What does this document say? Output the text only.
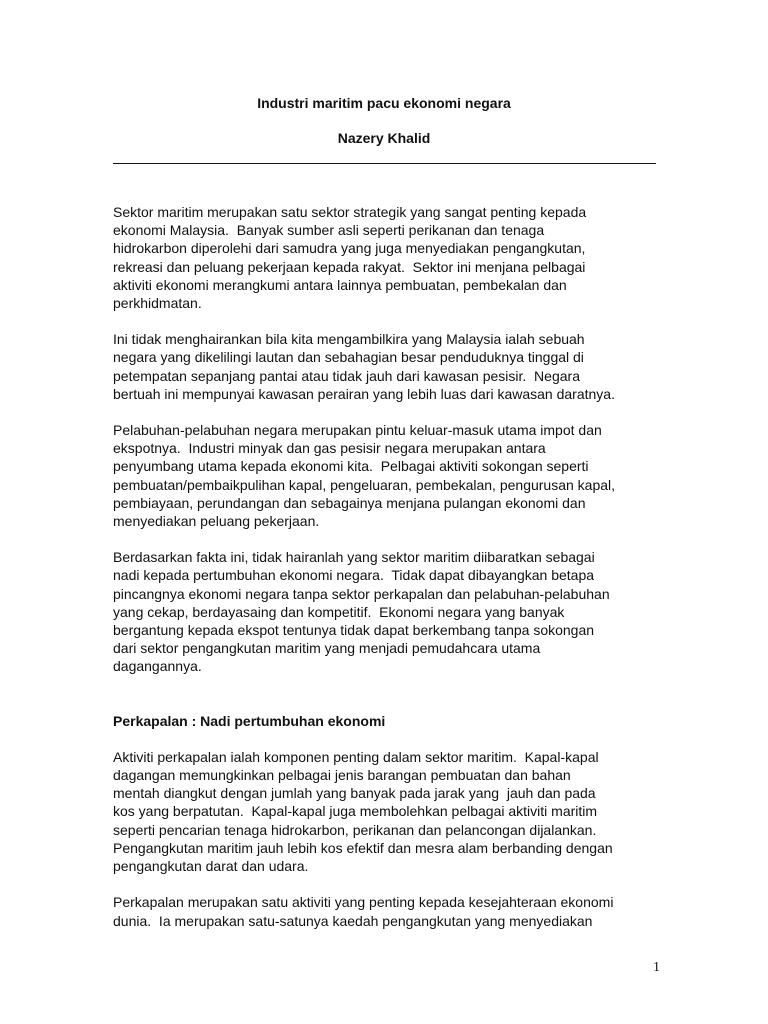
Industri maritim pacu ekonomi negara
Nazery Khalid
Sektor maritim merupakan satu sektor strategik yang sangat penting kepada
ekonomi Malaysia.  Banyak sumber asli seperti perikanan dan tenaga
hidrokarbon diperolehi dari samudra yang juga menyediakan pengangkutan,
rekreasi dan peluang pekerjaan kepada rakyat.  Sektor ini menjana pelbagai
aktiviti ekonomi merangkumi antara lainnya pembuatan, pembekalan dan
perkhidmatan.
Ini tidak menghairankan bila kita mengambilkira yang Malaysia ialah sebuah
negara yang dikelilingi lautan dan sebahagian besar penduduknya tinggal di
petempatan sepanjang pantai atau tidak jauh dari kawasan pesisir.  Negara
bertuah ini mempunyai kawasan perairan yang lebih luas dari kawasan daratnya.
Pelabuhan-pelabuhan negara merupakan pintu keluar-masuk utama impot dan
ekspotnya.  Industri minyak dan gas pesisir negara merupakan antara
penyumbang utama kepada ekonomi kita.  Pelbagai aktiviti sokongan seperti
pembuatan/pembaikpulihan kapal, pengeluaran, pembekalan, pengurusan kapal,
pembiayaan, perundangan dan sebagainya menjana pulangan ekonomi dan
menyediakan peluang pekerjaan.
Berdasarkan fakta ini, tidak hairanlah yang sektor maritim diibaratkan sebagai
nadi kepada pertumbuhan ekonomi negara.  Tidak dapat dibayangkan betapa
pincangnya ekonomi negara tanpa sektor perkapalan dan pelabuhan-pelabuhan
yang cekap, berdayasaing dan kompetitif.  Ekonomi negara yang banyak
bergantung kepada ekspot tentunya tidak dapat berkembang tanpa sokongan
dari sektor pengangkutan maritim yang menjadi pemudahcara utama
dagangannya.
Perkapalan : Nadi pertumbuhan ekonomi
Aktiviti perkapalan ialah komponen penting dalam sektor maritim.  Kapal-kapal
dagangan memungkinkan pelbagai jenis barangan pembuatan dan bahan
mentah diangkut dengan jumlah yang banyak pada jarak yang  jauh dan pada
kos yang berpatutan.  Kapal-kapal juga membolehkan pelbagai aktiviti maritim
seperti pencarian tenaga hidrokarbon, perikanan dan pelancongan dijalankan.
Pengangkutan maritim jauh lebih kos efektif dan mesra alam berbanding dengan
pengangkutan darat dan udara.
Perkapalan merupakan satu aktiviti yang penting kepada kesejahteraan ekonomi
dunia.  Ia merupakan satu-satunya kaedah pengangkutan yang menyediakan
1
